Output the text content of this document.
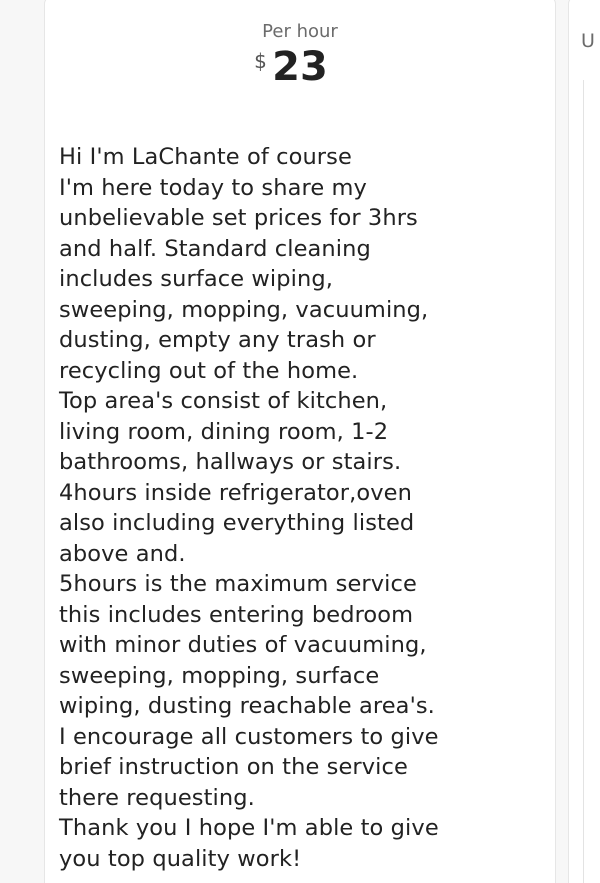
Per hour
$ 23

Hi I'm LaChante of course
I'm here today to share my
unbelievable set prices for 3hrs
and half. Standard cleaning
includes surface wiping,
sweeping, mopping, vacuuming,
dusting, empty any trash or
recycling out of the home.
Top area's consist of kitchen,
living room, dining room, 1-2
bathrooms, hallways or stairs.
4hours inside refrigerator,oven
also including everything listed
above and.
5hours is the maximum service
this includes entering bedroom
with minor duties of vacuuming,
sweeping, mopping, surface
wiping, dusting reachable area's.
I encourage all customers to give
brief instruction on the service
there requesting.
Thank you I hope I'm able to give
you top quality work!

U
